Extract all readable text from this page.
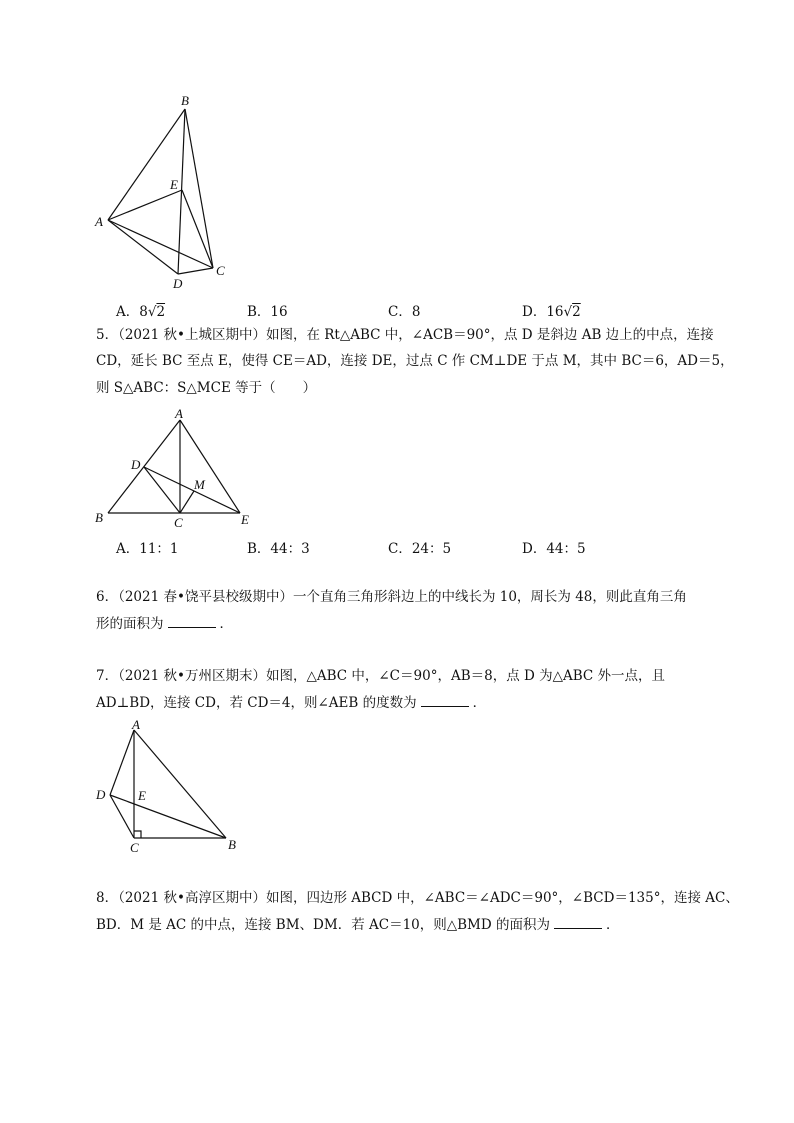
B
E
A
D
C
A．8√2	B．16	C．8	D．16√2
5．（2021 秋•上城区期中）如图，在 Rt△ABC 中，∠ACB＝90°，点 D 是斜边 AB 边上的中点，连接
CD，延长 BC 至点 E，使得 CE＝AD，连接 DE，过点 C 作 CM⊥DE 于点 M，其中 BC＝6，AD＝5，
则 S△ABC：S△MCE 等于（　　）
A
D
M
B	C	E
A．11：1	B．44：3	C．24：5	D．44：5
6．（2021 春•饶平县校级期中）一个直角三角形斜边上的中线长为 10，周长为 48，则此直角三角
形的面积为	．
7．（2021 秋•万州区期末）如图，△ABC 中，∠C＝90°，AB＝8，点 D 为△ABC 外一点，且
AD⊥BD，连接 CD，若 CD＝4，则∠AEB 的度数为	．
A
D	E
C	B
8．（2021 秋•高淳区期中）如图，四边形 ABCD 中，∠ABC＝∠ADC＝90°，∠BCD＝135°，连接 AC、
BD．M 是 AC 的中点，连接 BM、DM．若 AC＝10，则△BMD 的面积为	．
